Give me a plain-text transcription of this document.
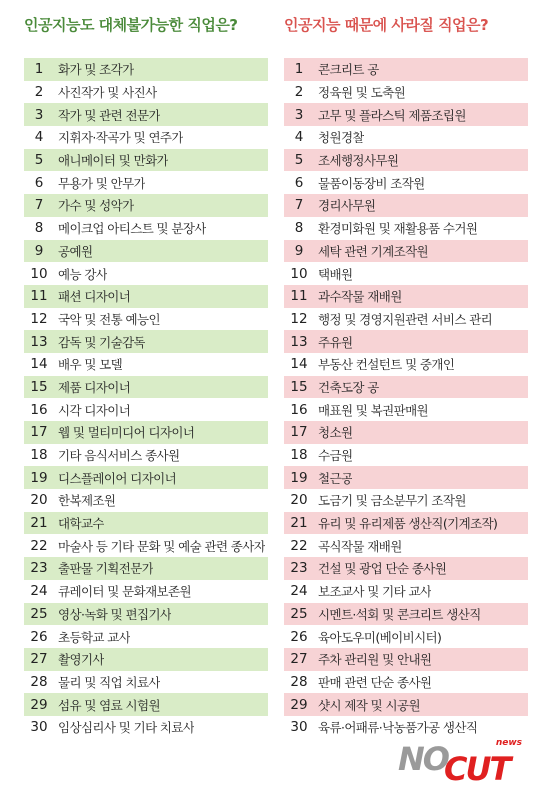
인공지능도 대체불가능한 직업은?
1	화가 및 조각가
2	사진작가 및 사진사
3	작가 및 관련 전문가
4	지휘자·작곡가 및 연주가
5	애니메이터 및 만화가
6	무용가 및 안무가
7	가수 및 성악가
8	메이크업 아티스트 및 분장사
9	공예원
10 예능 강사
11 패션 디자이너
12 국악 및 전통 예능인
13 감독 및 기술감독
14 배우 및 모델
15 제품 디자이너
16 시각 디자이너
17 웹 및 멀티미디어 디자이너
18 기타 음식서비스 종사원
19 디스플레이어 디자이너
20 한복제조원
21 대학교수
22 마술사 등 기타 문화 및 예술 관련 종사자
23 출판물 기획전문가
24 큐레이터 및 문화재보존원
25 영상·녹화 및 편집기사
26 초등학교 교사
27 촬영기사
28 물리 및 직업 치료사
29 섬유 및 염료 시험원
30 임상심리사 및 기타 치료사
인공지능 때문에 사라질 직업은?
1	콘크리트 공
2	정육원 및 도축원
3	고무 및 플라스틱 제품조립원
4	청원경찰
5	조세행정사무원
6	물품이동장비 조작원
7	경리사무원
8	환경미화원 및 재활용품 수거원
9	세탁 관련 기계조작원
10 택배원
11 과수작물 재배원
12 행정 및 경영지원관련 서비스 관리
13 주유원
14 부동산 컨설턴트 및 중개인
15 건축도장 공
16 매표원 및 복권판매원
17 청소원
18 수금원
19 철근공
20 도금기 및 금소분무기 조작원
21 유리 및 유리제품 생산직(기계조작)
22 곡식작물 재배원
23 건설 및 광업 단순 종사원
24 보조교사 및 기타 교사
25 시멘트·석회 및 콘크리트 생산직
26 육아도우미(베이비시터)
27 주차 관리원 및 안내원
28 판매 관련 단순 종사원
29 샷시 제작 및 시공원
30 육류·어패류·낙농품가공 생산직
NO
CUT
news
